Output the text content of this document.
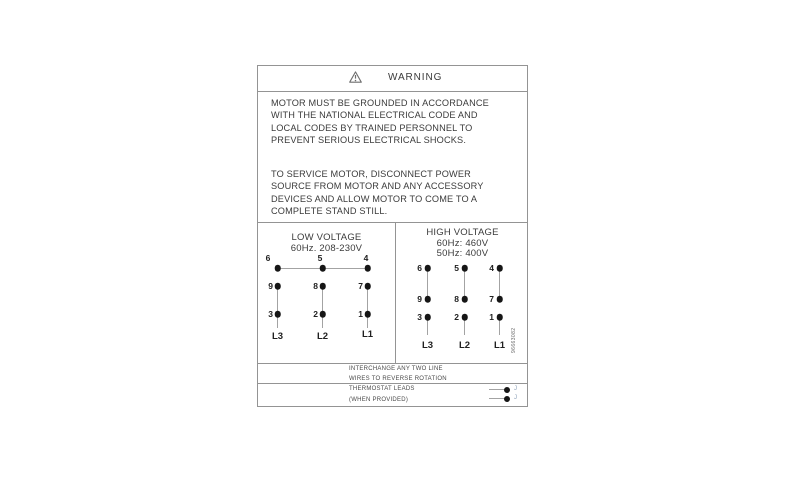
WARNING
MOTOR MUST BE GROUNDED IN ACCORDANCE
WITH THE NATIONAL ELECTRICAL CODE AND
LOCAL CODES BY TRAINED PERSONNEL TO
PREVENT SERIOUS ELECTRICAL SHOCKS.
TO SERVICE MOTOR, DISCONNECT POWER
SOURCE FROM MOTOR AND ANY ACCESSORY
DEVICES AND ALLOW MOTOR TO COME TO A
COMPLETE STAND STILL.
LOW VOLTAGE
60Hz. 208-230V
6	5	4
9	8	7
3	2	1
L3	L2	L1
HIGH VOLTAGE
60Hz: 460V
50Hz: 400V
6	5	4
9	8	7
3	2	1
L3	L2	L1	96663082
INTERCHANGE ANY TWO LINE
WIRES TO REVERSE ROTATION
THERMOSTAT LEADS
(WHEN PROVIDED)
J
J
